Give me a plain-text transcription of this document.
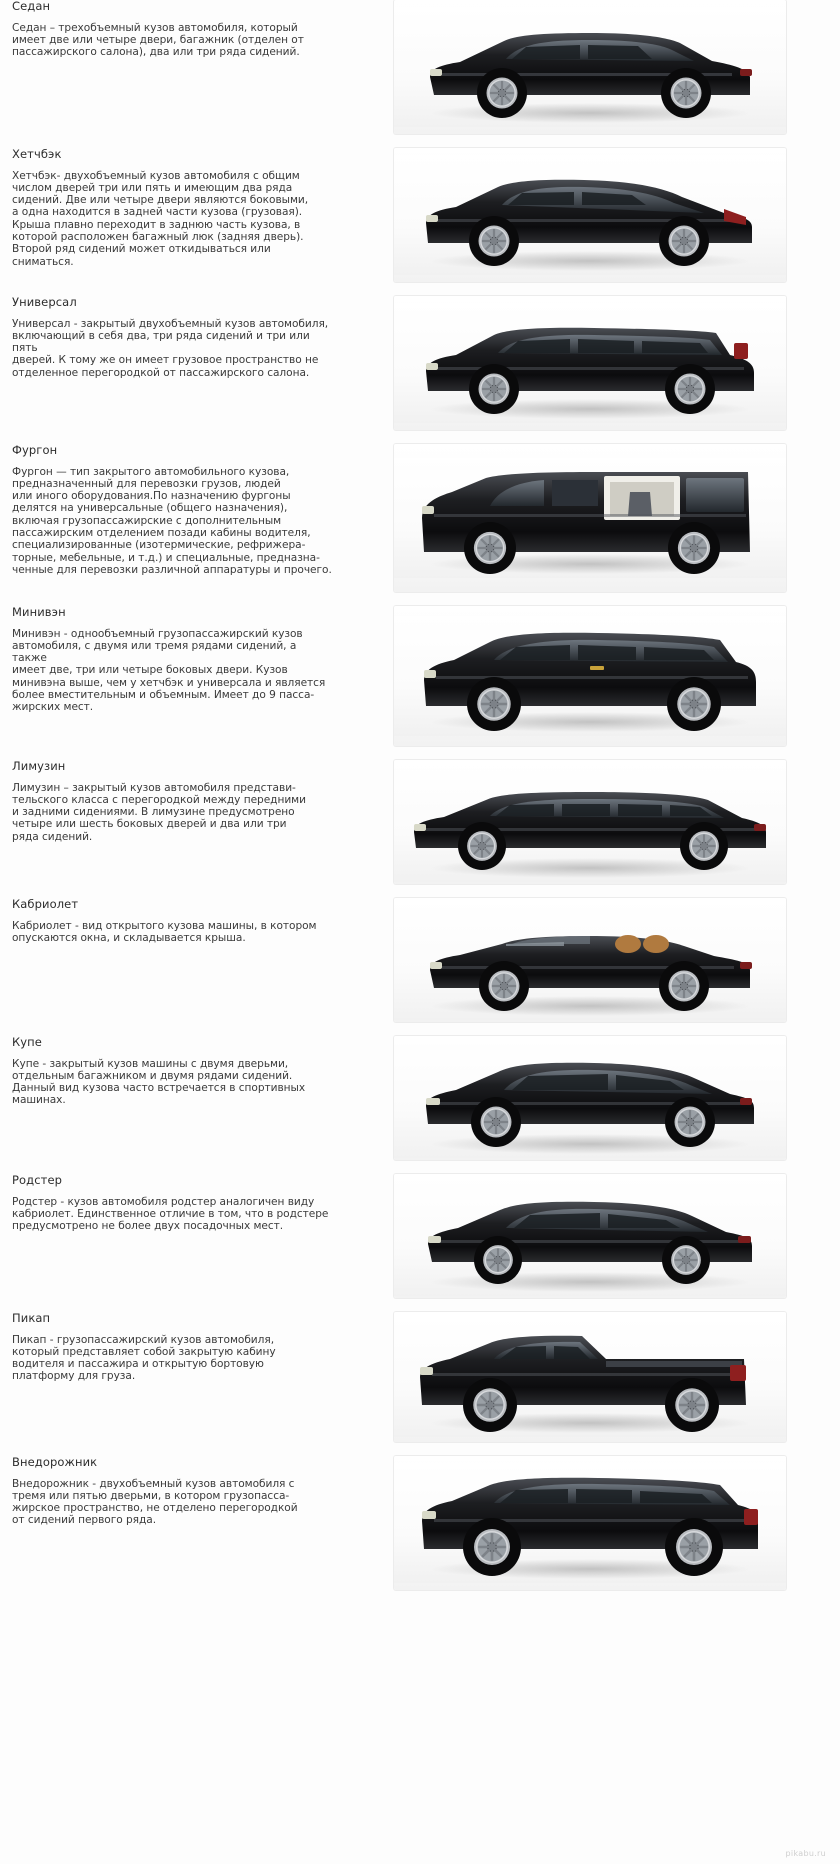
Седан
Седан – трехобъемный кузов автомобиля, который
имеет две или четыре двери, багажник (отделен от
пассажирского салона), два или три ряда сидений.
Хетчбэк
Хетчбэк- двухобъемный кузов автомобиля с общим
числом дверей три или пять и имеющим два ряда
сидений. Две или четыре двери являются боковыми,
а одна находится в задней части кузова (грузовая).
Крыша плавно переходит в заднюю часть кузова, в
которой расположен багажный люк (задняя дверь).
Второй ряд сидений может откидываться или сниматься.
Универсал
Универсал - закрытый двухобъемный кузов автомобиля,
включающий в себя два, три ряда сидений и три или пять
дверей. К тому же он имеет грузовое пространство не
отделенное перегородкой от пассажирского салона.
Фургон
Фургон — тип закрытого автомобильного кузова,
предназначенный для перевозки грузов, людей
или иного оборудования.По назначению фургоны
делятся на универсальные (общего назначения),
включая грузопассажирские с дополнительным
пассажирским отделением позади кабины водителя,
специализированные (изотермические, рефрижера-
торные, мебельные, и т.д.) и специальные, предназна-
ченные для перевозки различной аппаратуры и прочего.
Минивэн
Минивэн - однообъемный грузопассажирский кузов
автомобиля, с двумя или тремя рядами сидений, а также
имеет две, три или четыре боковых двери. Кузов
минивэна выше, чем у хетчбэк и универсала и является
более вместительным и объемным. Имеет до 9 пасса-
жирских мест.
Лимузин
Лимузин – закрытый кузов автомобиля представи-
тельского класса с перегородкой между передними
и задними сидениями. В лимузине предусмотрено
четыре или шесть боковых дверей и два или три
ряда сидений.
Кабриолет
Кабриолет - вид открытого кузова машины, в котором
опускаются окна, и складывается крыша.
Купе
Купе - закрытый кузов машины с двумя дверьми,
отдельным багажником и двумя рядами сидений.
Данный вид кузова часто встречается в спортивных
машинах.
Родстер
Родстер - кузов автомобиля родстер аналогичен виду
кабриолет. Единственное отличие в том, что в родстере
предусмотрено не более двух посадочных мест.
Пикап
Пикап - грузопассажирский кузов автомобиля,
который представляет собой закрытую кабину
водителя и пассажира и открытую бортовую
платформу для груза.
Внедорожник
Внедорожник - двухобъемный кузов автомобиля с
тремя или пятью дверьми, в котором грузопасса-
жирское пространство, не отделено перегородкой
от сидений первого ряда.
pikabu.ru
